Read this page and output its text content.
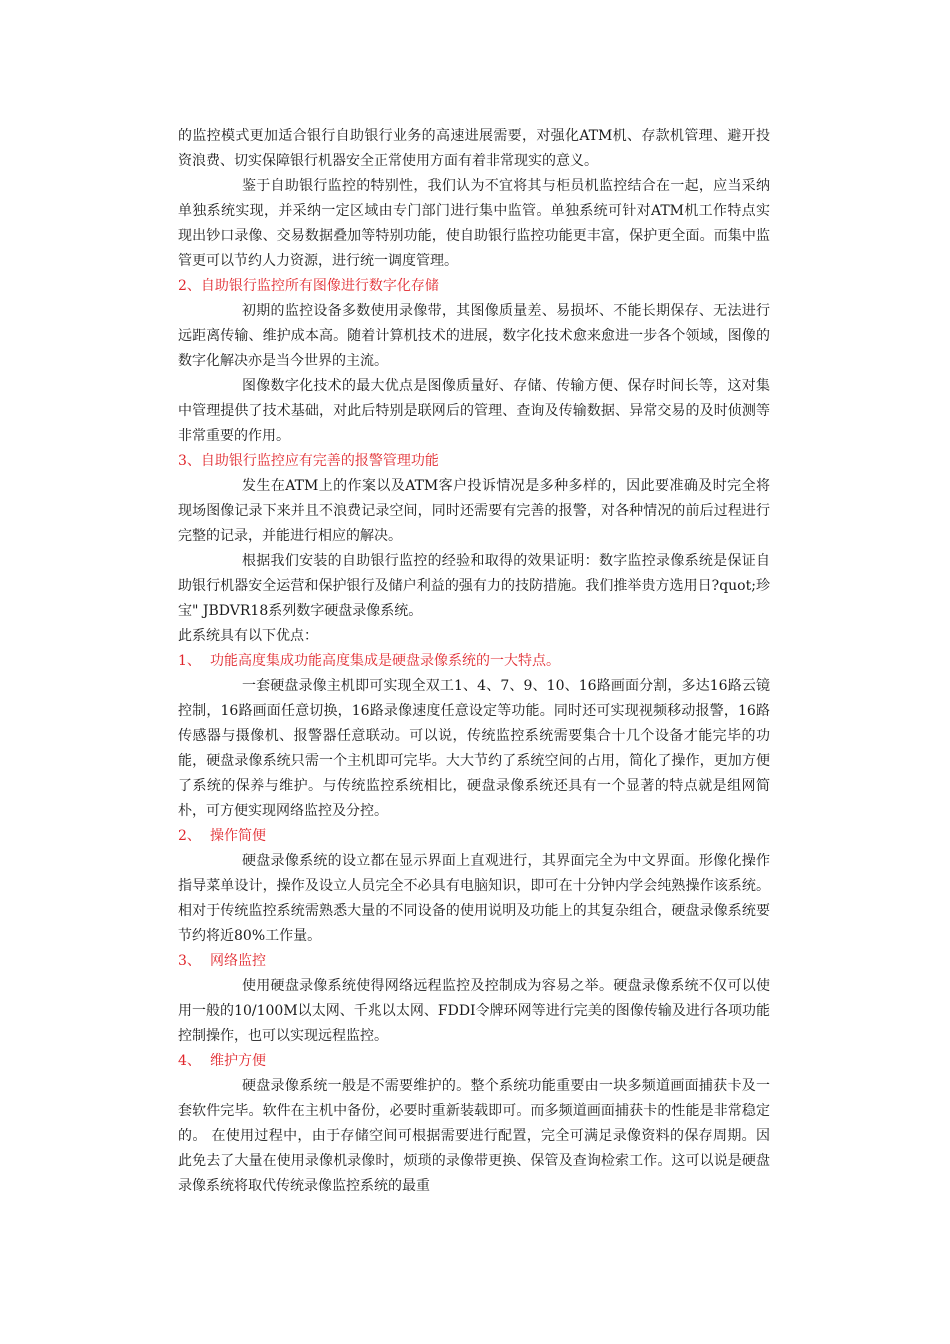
的监控模式更加适合银行自助银行业务的高速进展需要，对强化ATM机、存款机管理、避开投资浪费、切实保障银行机器安全正常使用方面有着非常现实的意义。

鉴于自助银行监控的特别性，我们认为不宜将其与柜员机监控结合在一起，应当采纳单独系统实现，并采纳一定区域由专门部门进行集中监管。单独系统可针对ATM机工作特点实现出钞口录像、交易数据叠加等特别功能，使自助银行监控功能更丰富，保护更全面。而集中监管更可以节约人力资源，进行统一调度管理。

2、自助银行监控所有图像进行数字化存储

初期的监控设备多数使用录像带，其图像质量差、易损坏、不能长期保存、无法进行远距离传输、维护成本高。随着计算机技术的进展，数字化技术愈来愈进一步各个领域，图像的数字化解决亦是当今世界的主流。

图像数字化技术的最大优点是图像质量好、存储、传输方便、保存时间长等，这对集中管理提供了技术基础，对此后特别是联网后的管理、查询及传输数据、异常交易的及时侦测等非常重要的作用。

3、自助银行监控应有完善的报警管理功能

发生在ATM上的作案以及ATM客户投诉情况是多种多样的，因此要准确及时完全将现场图像记录下来并且不浪费记录空间，同时还需要有完善的报警，对各种情况的前后过程进行完整的记录，并能进行相应的解决。

根据我们安装的自助银行监控的经验和取得的效果证明：数字监控录像系统是保证自助银行机器安全运营和保护银行及储户利益的强有力的技防措施。我们推举贵方选用日?quot;珍宝" JBDVR18系列数字硬盘录像系统。

此系统具有以下优点：

1、 功能高度集成功能高度集成是硬盘录像系统的一大特点。

一套硬盘录像主机即可实现全双工1、4、7、9、10、16路画面分割，多达16路云镜控制，16路画面任意切换，16路录像速度任意设定等功能。同时还可实现视频移动报警，16路传感器与摄像机、报警器任意联动。可以说，传统监控系统需要集合十几个设备才能完毕的功能，硬盘录像系统只需一个主机即可完毕。大大节约了系统空间的占用，简化了操作，更加方便了系统的保养与维护。与传统监控系统相比，硬盘录像系统还具有一个显著的特点就是组网简朴，可方便实现网络监控及分控。

2、 操作简便

硬盘录像系统的设立都在显示界面上直观进行，其界面完全为中文界面。形像化操作指导菜单设计，操作及设立人员完全不必具有电脑知识，即可在十分钟内学会纯熟操作该系统。相对于传统监控系统需熟悉大量的不同设备的使用说明及功能上的其复杂组合，硬盘录像系统要节约将近80%工作量。

3、 网络监控

使用硬盘录像系统使得网络远程监控及控制成为容易之举。硬盘录像系统不仅可以使用一般的10/100M以太网、千兆以太网、FDDI令牌环网等进行完美的图像传输及进行各项功能控制操作，也可以实现远程监控。

4、 维护方便

硬盘录像系统一般是不需要维护的。整个系统功能重要由一块多频道画面捕获卡及一套软件完毕。软件在主机中备份，必要时重新装载即可。而多频道画面捕获卡的性能是非常稳定的。 在使用过程中，由于存储空间可根据需要进行配置，完全可满足录像资料的保存周期。因此免去了大量在使用录像机录像时，烦琐的录像带更换、保管及查询检索工作。这可以说是硬盘录像系统将取代传统录像监控系统的最重
